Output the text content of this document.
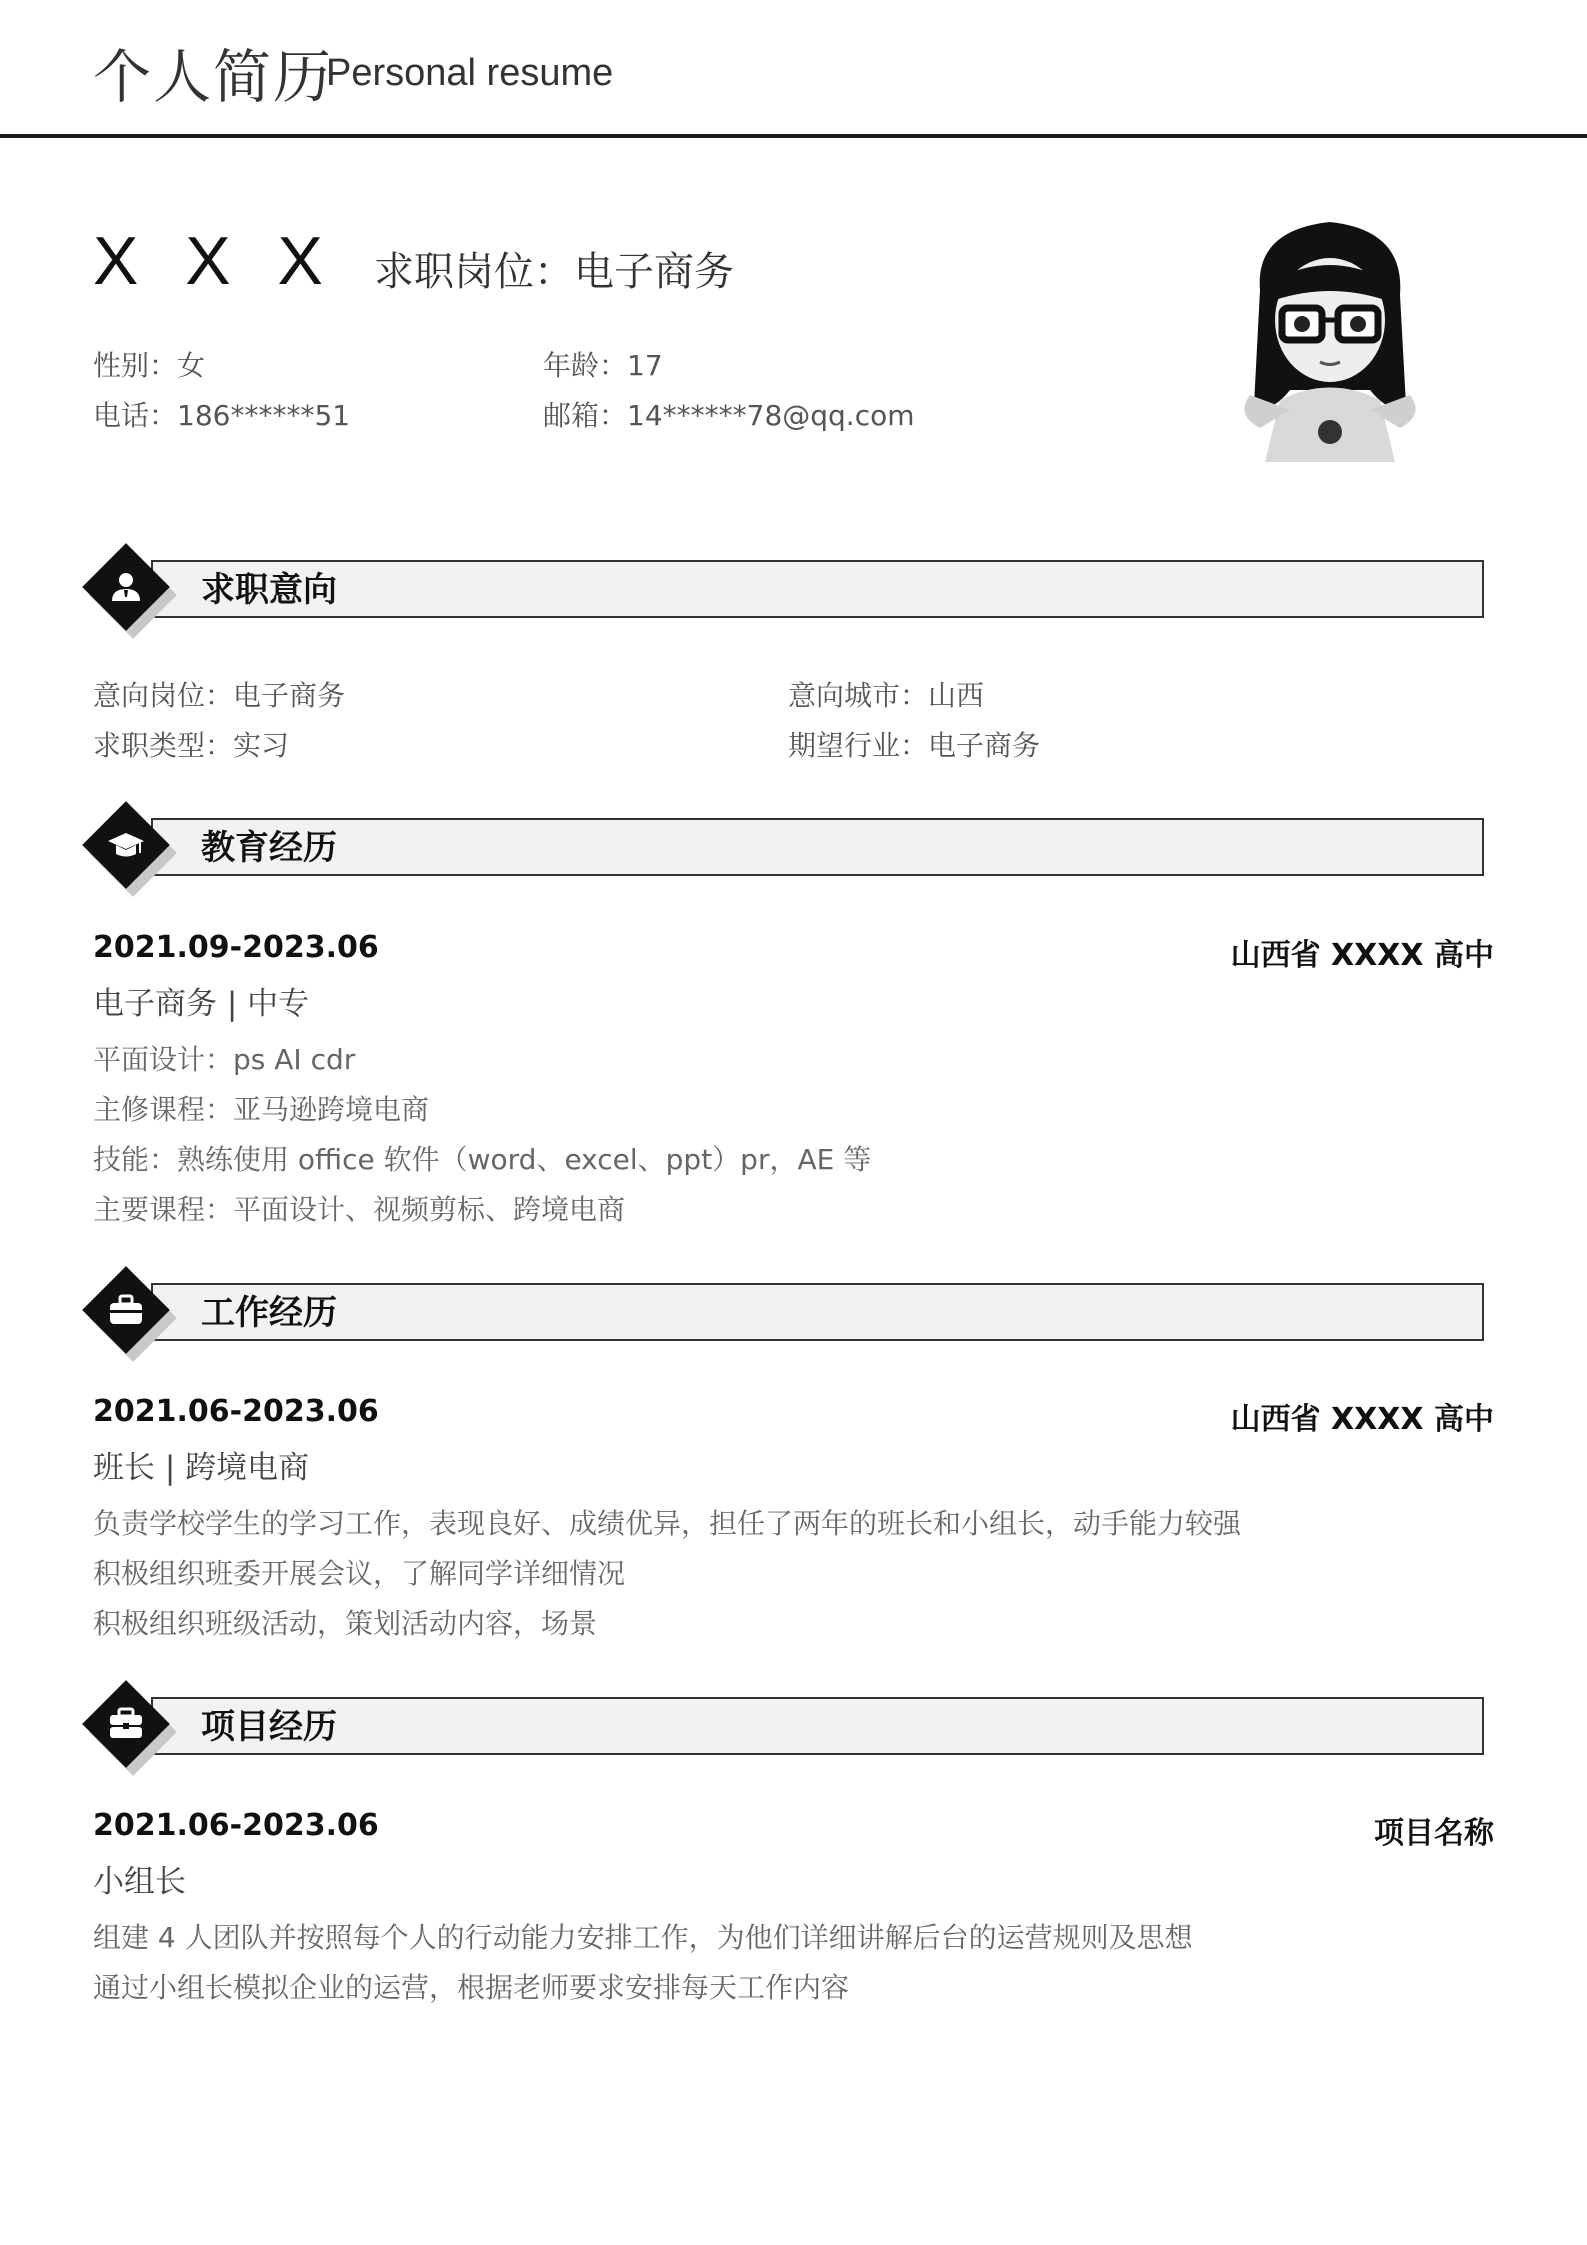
个人简历
Personal resume
X X X 求职岗位：电子商务
性别：女	年龄：17
电话：186******51	邮箱：14******78@qq.com
求职意向
意向岗位：电子商务	意向城市：山西
求职类型：实习	期望行业：电子商务
教育经历
2021.09-2023.06	山西省 XXXX 高中
电子商务 | 中专
平面设计：ps AI cdr
主修课程：亚马逊跨境电商
技能：熟练使用 office 软件（word、excel、ppt）pr，AE 等
主要课程：平面设计、视频剪标、跨境电商
工作经历
2021.06-2023.06	山西省 XXXX 高中
班长 | 跨境电商
负责学校学生的学习工作，表现良好、成绩优异，担任了两年的班长和小组长，动手能力较强
积极组织班委开展会议，了解同学详细情况
积极组织班级活动，策划活动内容，场景
项目经历
2021.06-2023.06	项目名称
小组长
组建 4 人团队并按照每个人的行动能力安排工作，为他们详细讲解后台的运营规则及思想
通过小组长模拟企业的运营，根据老师要求安排每天工作内容
